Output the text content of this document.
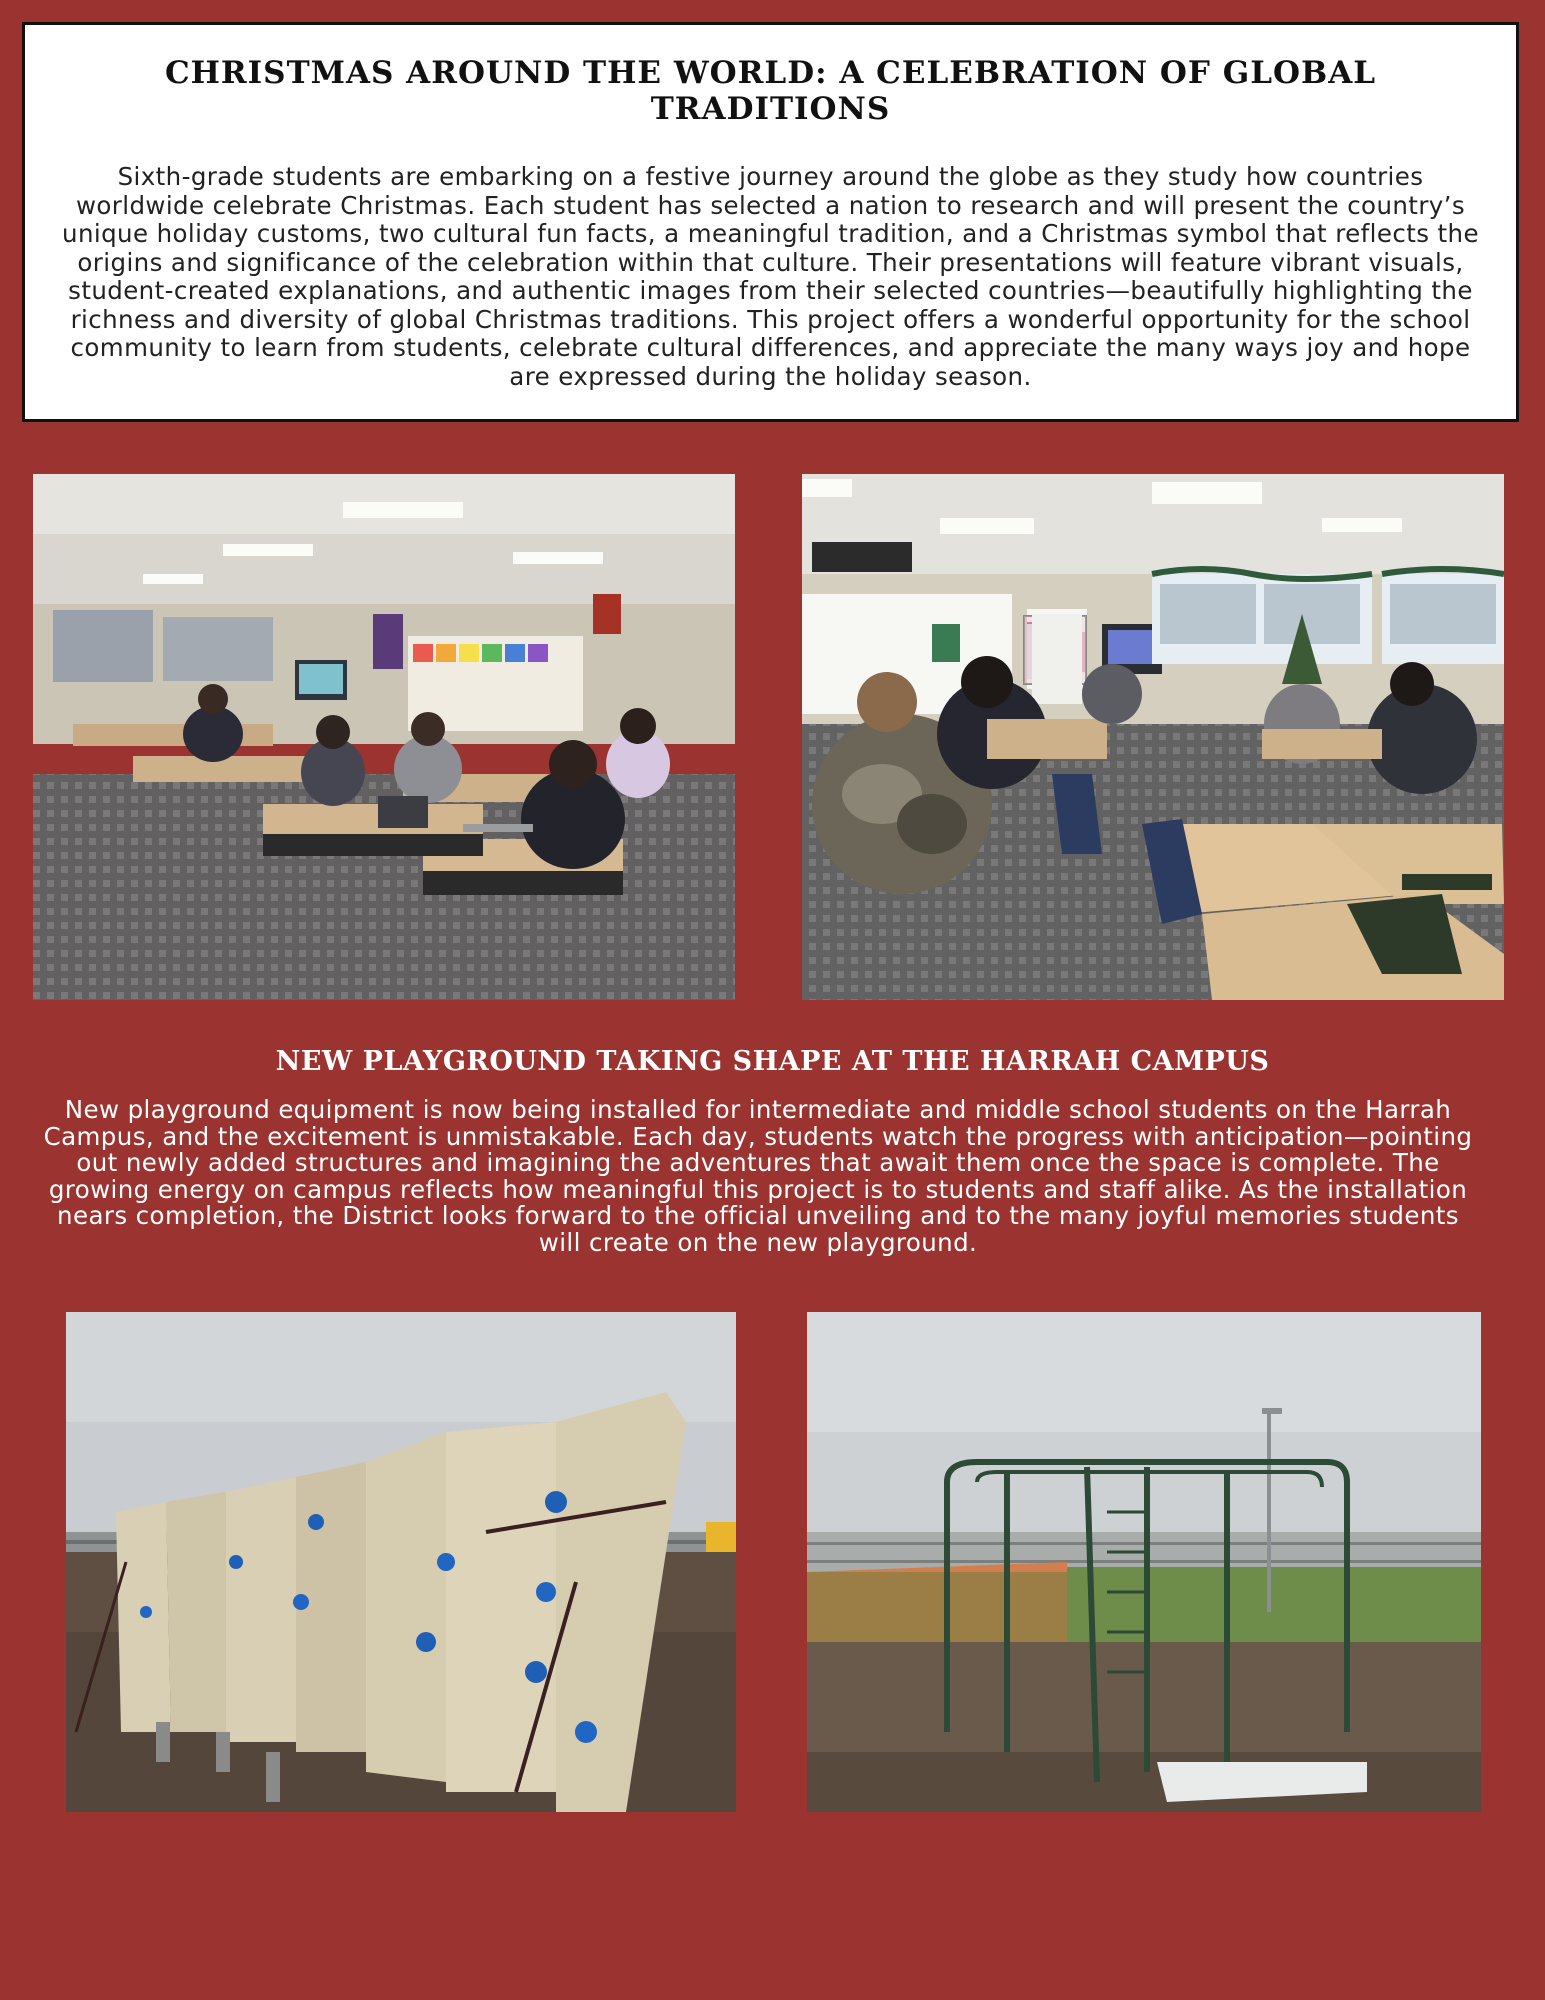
CHRISTMAS AROUND THE WORLD: A CELEBRATION OF GLOBAL TRADITIONS

Sixth-grade students are embarking on a festive journey around the globe as they study how countries worldwide celebrate Christmas. Each student has selected a nation to research and will present the country’s unique holiday customs, two cultural fun facts, a meaningful tradition, and a Christmas symbol that reflects the origins and significance of the celebration within that culture. Their presentations will feature vibrant visuals, student-created explanations, and authentic images from their selected countries—beautifully highlighting the richness and diversity of global Christmas traditions. This project offers a wonderful opportunity for the school community to learn from students, celebrate cultural differences, and appreciate the many ways joy and hope are expressed during the holiday season.

NEW PLAYGROUND TAKING SHAPE AT THE HARRAH CAMPUS

New playground equipment is now being installed for intermediate and middle school students on the Harrah Campus, and the excitement is unmistakable. Each day, students watch the progress with anticipation—pointing out newly added structures and imagining the adventures that await them once the space is complete. The growing energy on campus reflects how meaningful this project is to students and staff alike. As the installation nears completion, the District looks forward to the official unveiling and to the many joyful memories students will create on the new playground.
